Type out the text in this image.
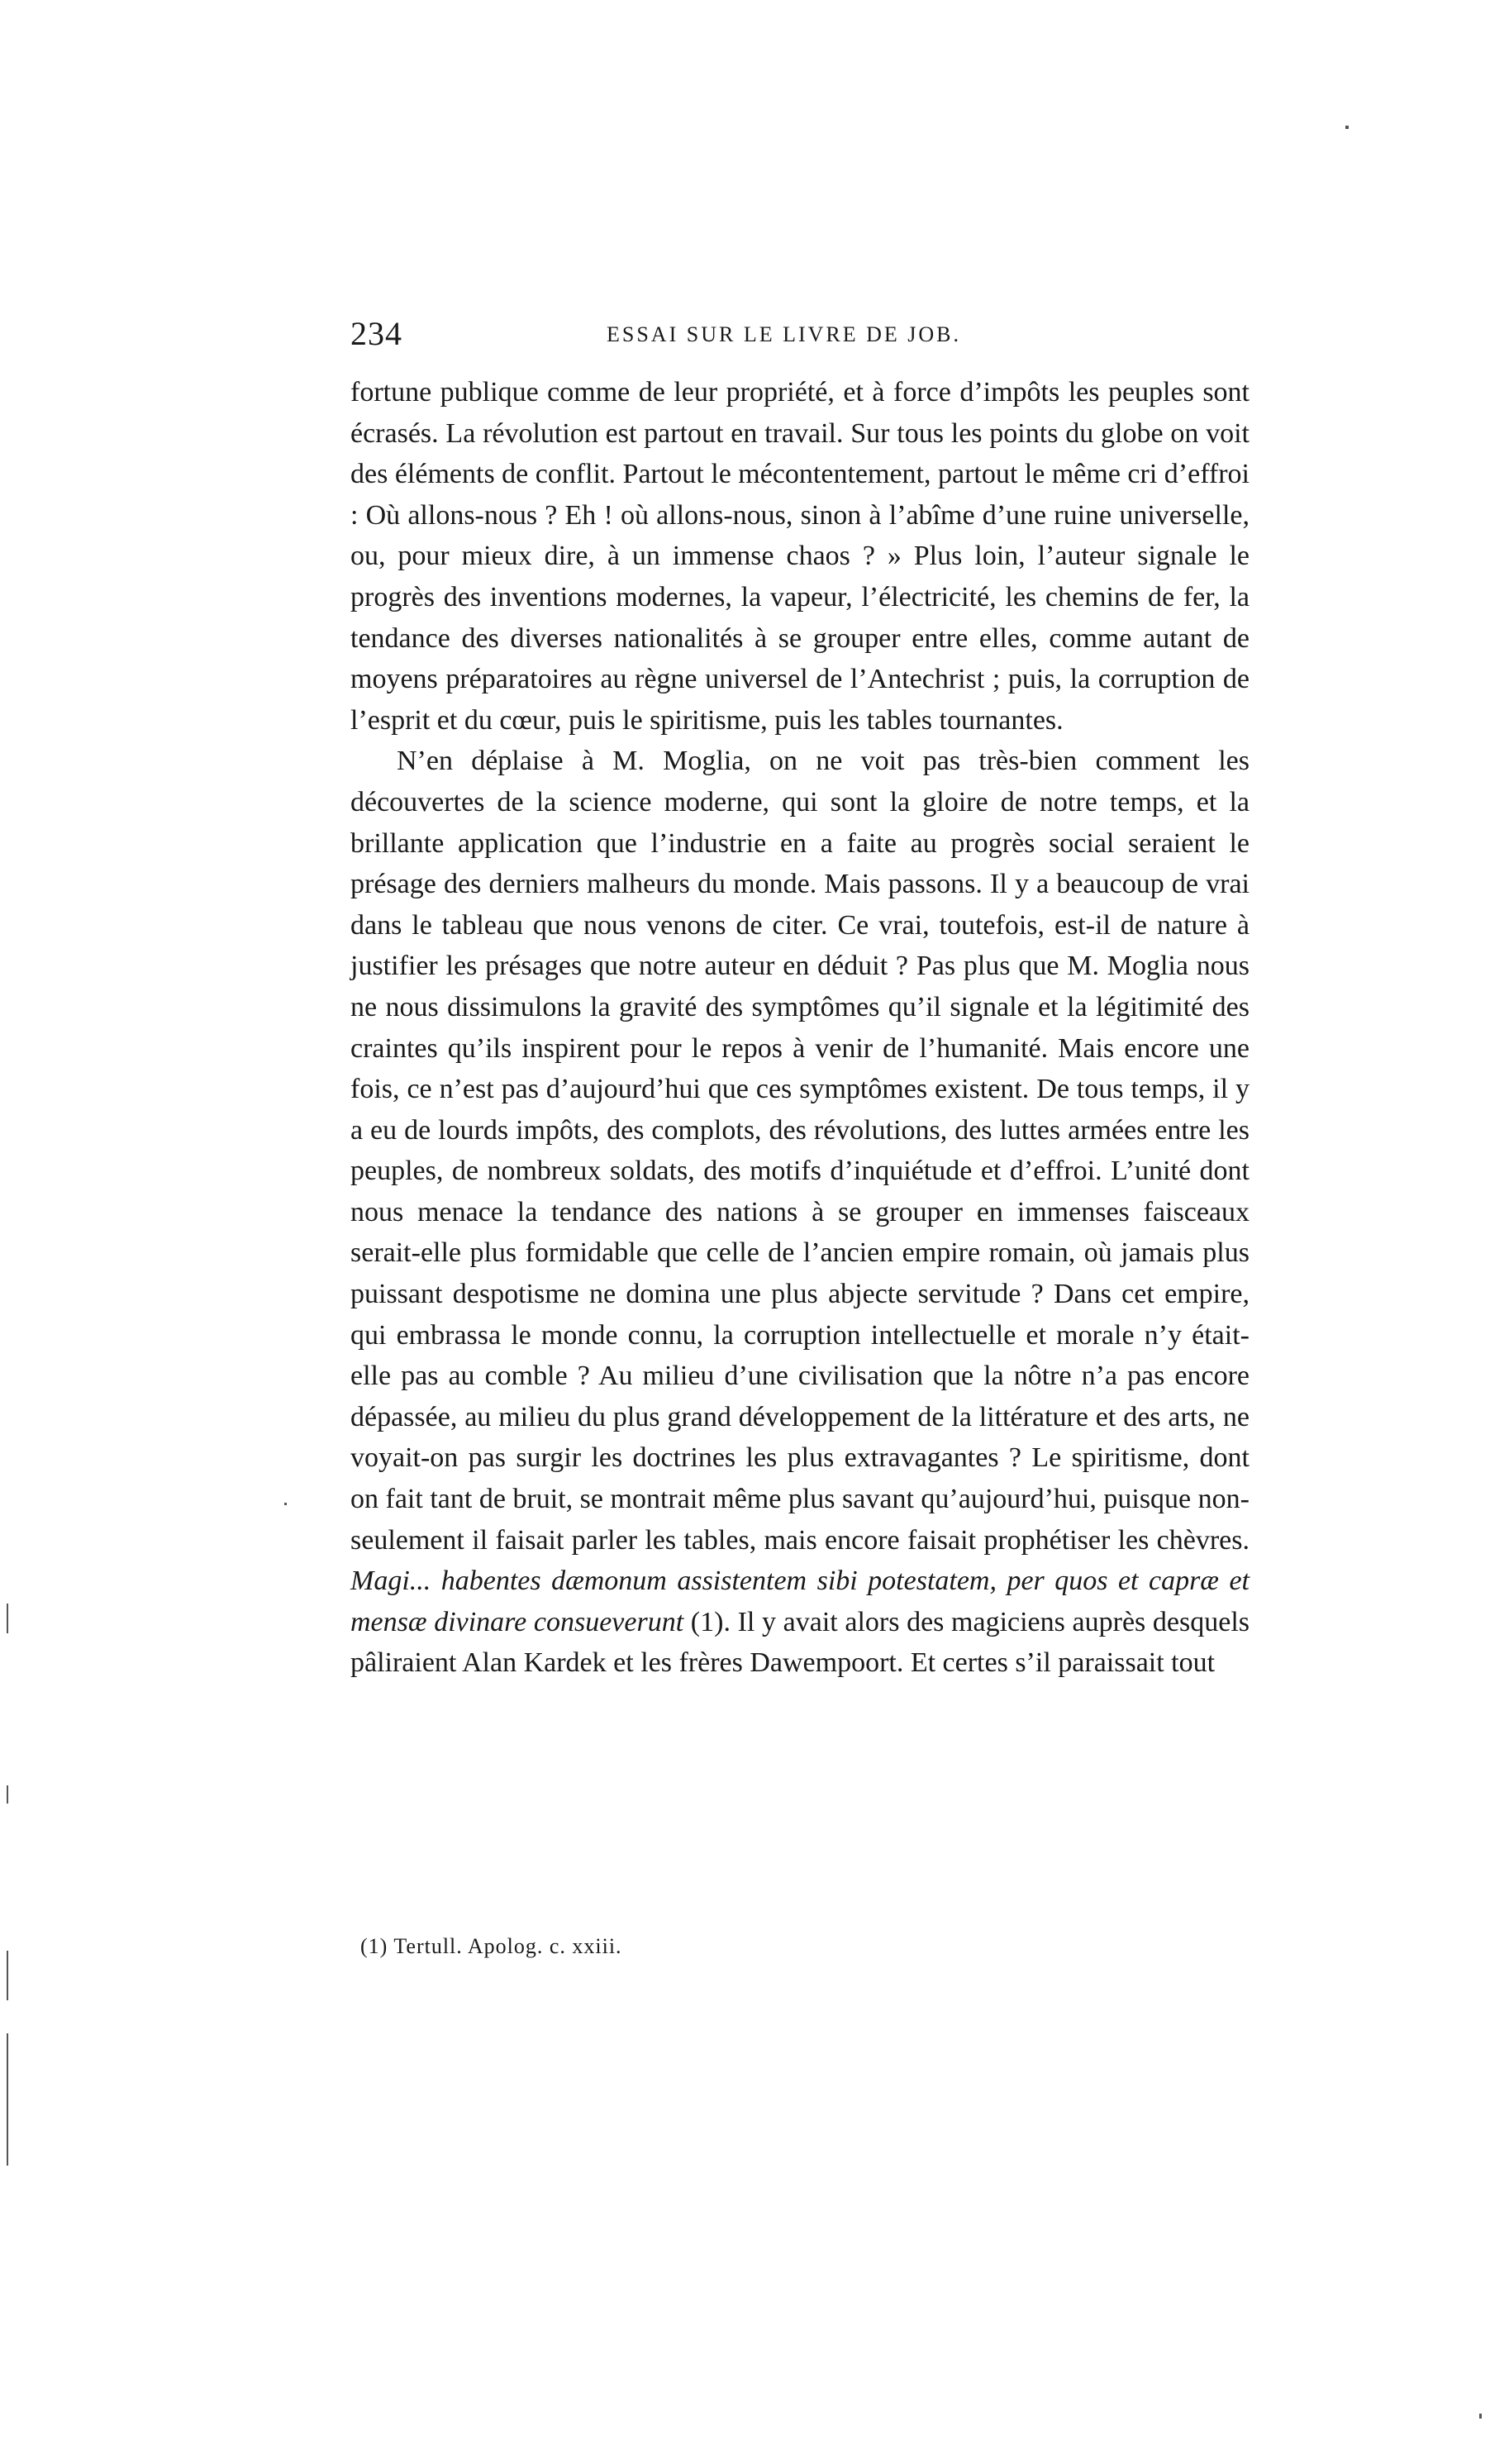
234	ESSAI SUR LE LIVRE DE JOB.

fortune publique comme de leur propriété, et à force d’impôts les peuples sont écrasés. La révolution est partout en travail. Sur tous les points du globe on voit des éléments de conflit. Partout le mécontentement, partout le même cri d’effroi : Où allons-nous ? Eh ! où allons-nous, sinon à l’abîme d’une ruine universelle, ou, pour mieux dire, à un immense chaos ? » Plus loin, l’auteur signale le progrès des inventions modernes, la vapeur, l’électricité, les chemins de fer, la tendance des diverses nationalités à se grouper entre elles, comme autant de moyens préparatoires au règne universel de l’Antechrist ; puis, la corruption de l’esprit et du cœur, puis le spiritisme, puis les tables tournantes.

N’en déplaise à M. Moglia, on ne voit pas très-bien comment les découvertes de la science moderne, qui sont la gloire de notre temps, et la brillante application que l’industrie en a faite au progrès social seraient le présage des derniers malheurs du monde. Mais passons. Il y a beaucoup de vrai dans le tableau que nous venons de citer. Ce vrai, toutefois, est-il de nature à justifier les présages que notre auteur en déduit ? Pas plus que M. Moglia nous ne nous dissimulons la gravité des symptômes qu’il signale et la légitimité des craintes qu’ils inspirent pour le repos à venir de l’humanité. Mais encore une fois, ce n’est pas d’aujourd’hui que ces symptômes existent. De tous temps, il y a eu de lourds impôts, des complots, des révolutions, des luttes armées entre les peuples, de nombreux soldats, des motifs d’inquiétude et d’effroi. L’unité dont nous menace la tendance des nations à se grouper en immenses faisceaux serait-elle plus formidable que celle de l’ancien empire romain, où jamais plus puissant despotisme ne domina une plus abjecte servitude ? Dans cet empire, qui embrassa le monde connu, la corruption intellectuelle et morale n’y était-elle pas au comble ? Au milieu d’une civilisation que la nôtre n’a pas encore dépassée, au milieu du plus grand développement de la littérature et des arts, ne voyait-on pas surgir les doctrines les plus extravagantes ? Le spiritisme, dont on fait tant de bruit, se montrait même plus savant qu’aujourd’hui, puisque non-seulement il faisait parler les tables, mais encore faisait prophétiser les chèvres. Magi... habentes dæmonum assistentem sibi potestatem, per quos et capræ et mensæ divinare consueverunt (1). Il y avait alors des magiciens auprès desquels pâliraient Alan Kardek et les frères Dawempoort. Et certes s’il paraissait tout

(1) Tertull. Apolog. c. xxiii.
